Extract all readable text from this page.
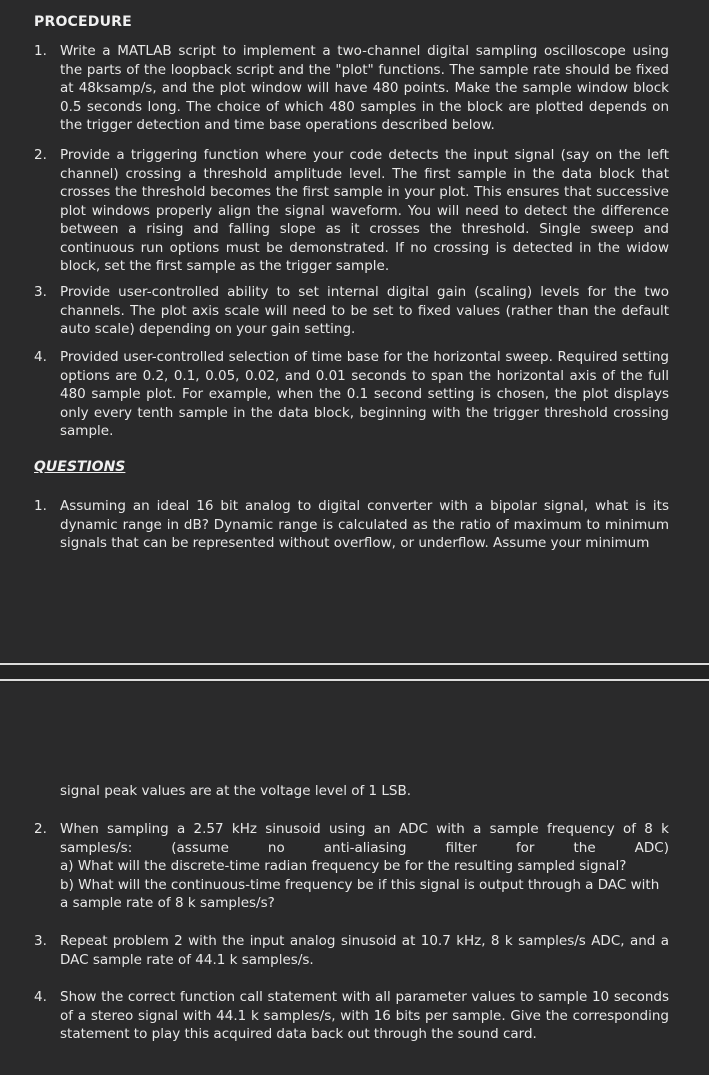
PROCEDURE
1. Write a MATLAB script to implement a two-channel digital sampling oscilloscope using the parts of the loopback script and the "plot" functions. The sample rate should be fixed at 48ksamp/s, and the plot window will have 480 points. Make the sample window block 0.5 seconds long. The choice of which 480 samples in the block are plotted depends on the trigger detection and time base operations described below.
2. Provide a triggering function where your code detects the input signal (say on the left channel) crossing a threshold amplitude level. The first sample in the data block that crosses the threshold becomes the first sample in your plot. This ensures that successive plot windows properly align the signal waveform. You will need to detect the difference between a rising and falling slope as it crosses the threshold. Single sweep and continuous run options must be demonstrated. If no crossing is detected in the widow block, set the first sample as the trigger sample.
3. Provide user-controlled ability to set internal digital gain (scaling) levels for the two channels. The plot axis scale will need to be set to fixed values (rather than the default auto scale) depending on your gain setting.
4. Provided user-controlled selection of time base for the horizontal sweep. Required setting options are 0.2, 0.1, 0.05, 0.02, and 0.01 seconds to span the horizontal axis of the full 480 sample plot. For example, when the 0.1 second setting is chosen, the plot displays only every tenth sample in the data block, beginning with the trigger threshold crossing sample.
QUESTIONS
1. Assuming an ideal 16 bit analog to digital converter with a bipolar signal, what is its dynamic range in dB? Dynamic range is calculated as the ratio of maximum to minimum signals that can be represented without overflow, or underflow. Assume your minimum
signal peak values are at the voltage level of 1 LSB.
2. When sampling a 2.57 kHz sinusoid using an ADC with a sample frequency of 8 k samples/s: (assume no anti-aliasing filter for the ADC)
a) What will the discrete-time radian frequency be for the resulting sampled signal?
b) What will the continuous-time frequency be if this signal is output through a DAC with a sample rate of 8 k samples/s?
3. Repeat problem 2 with the input analog sinusoid at 10.7 kHz, 8 k samples/s ADC, and a DAC sample rate of 44.1 k samples/s.
4. Show the correct function call statement with all parameter values to sample 10 seconds of a stereo signal with 44.1 k samples/s, with 16 bits per sample. Give the corresponding statement to play this acquired data back out through the sound card.
